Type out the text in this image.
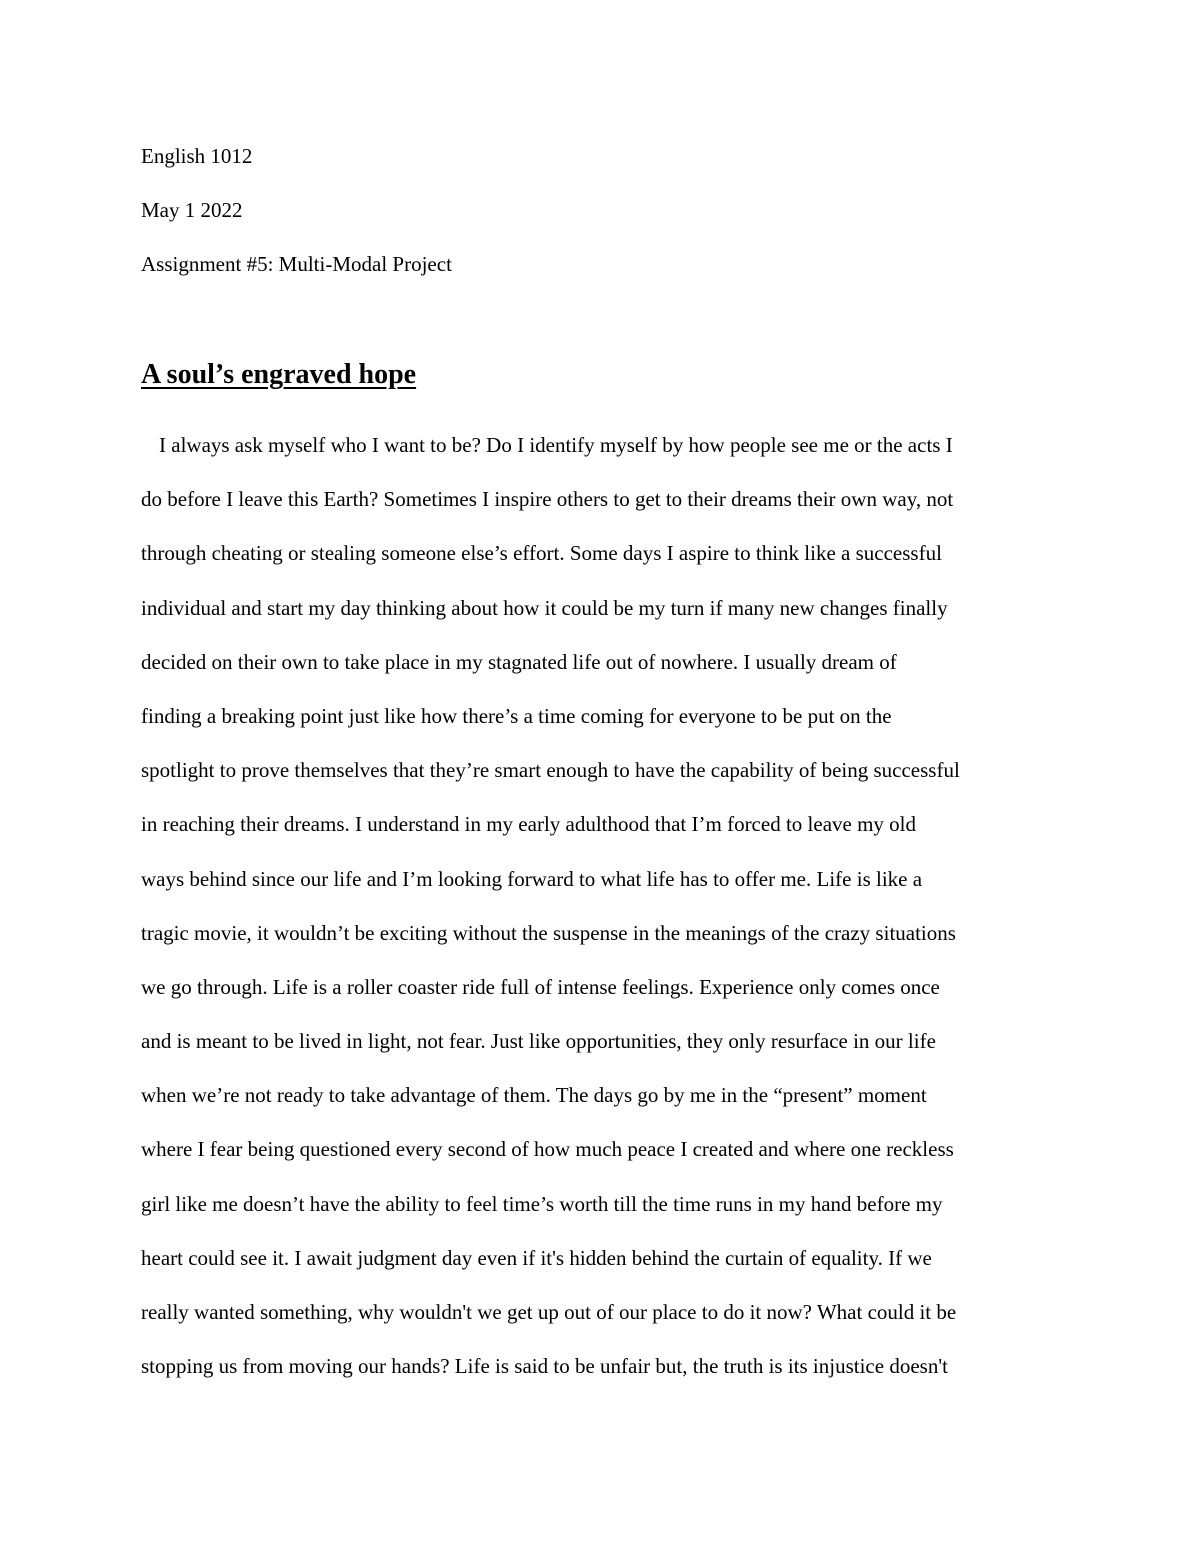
English 1012
May 1 2022
Assignment #5: Multi-Modal Project
A soul’s engraved hope
I always ask myself who I want to be? Do I identify myself by how people see me or the acts I
do before I leave this Earth? Sometimes I inspire others to get to their dreams their own way, not
through cheating or stealing someone else’s effort. Some days I aspire to think like a successful
individual and start my day thinking about how it could be my turn if many new changes finally
decided on their own to take place in my stagnated life out of nowhere. I usually dream of
finding a breaking point just like how there’s a time coming for everyone to be put on the
spotlight to prove themselves that they’re smart enough to have the capability of being successful
in reaching their dreams. I understand in my early adulthood that I’m forced to leave my old
ways behind since our life and I’m looking forward to what life has to offer me. Life is like a
tragic movie, it wouldn’t be exciting without the suspense in the meanings of the crazy situations
we go through. Life is a roller coaster ride full of intense feelings. Experience only comes once
and is meant to be lived in light, not fear. Just like opportunities, they only resurface in our life
when we’re not ready to take advantage of them. The days go by me in the “present” moment
where I fear being questioned every second of how much peace I created and where one reckless
girl like me doesn’t have the ability to feel time’s worth till the time runs in my hand before my
heart could see it. I await judgment day even if it's hidden behind the curtain of equality. If we
really wanted something, why wouldn't we get up out of our place to do it now? What could it be
stopping us from moving our hands? Life is said to be unfair but, the truth is its injustice doesn't
